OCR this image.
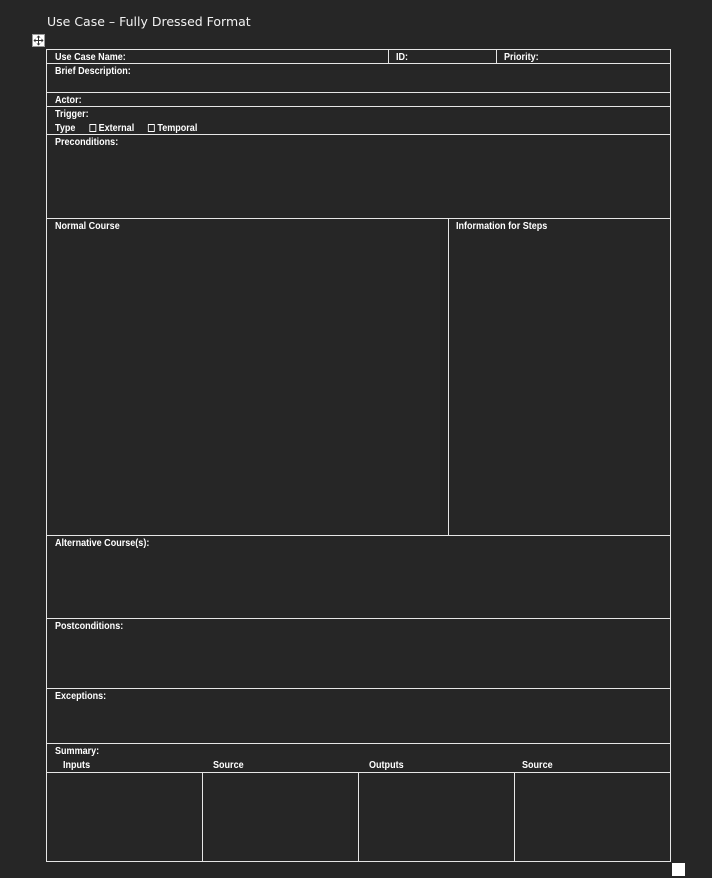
Use Case – Fully Dressed Format
Use Case Name:	ID:	Priority:
Brief Description:
Actor:
Trigger:
Type External Temporal
Preconditions:
Normal Course	Information for Steps
Alternative Course(s):
Postconditions:
Exceptions:
Summary:
Inputs	Source	Outputs	Source
